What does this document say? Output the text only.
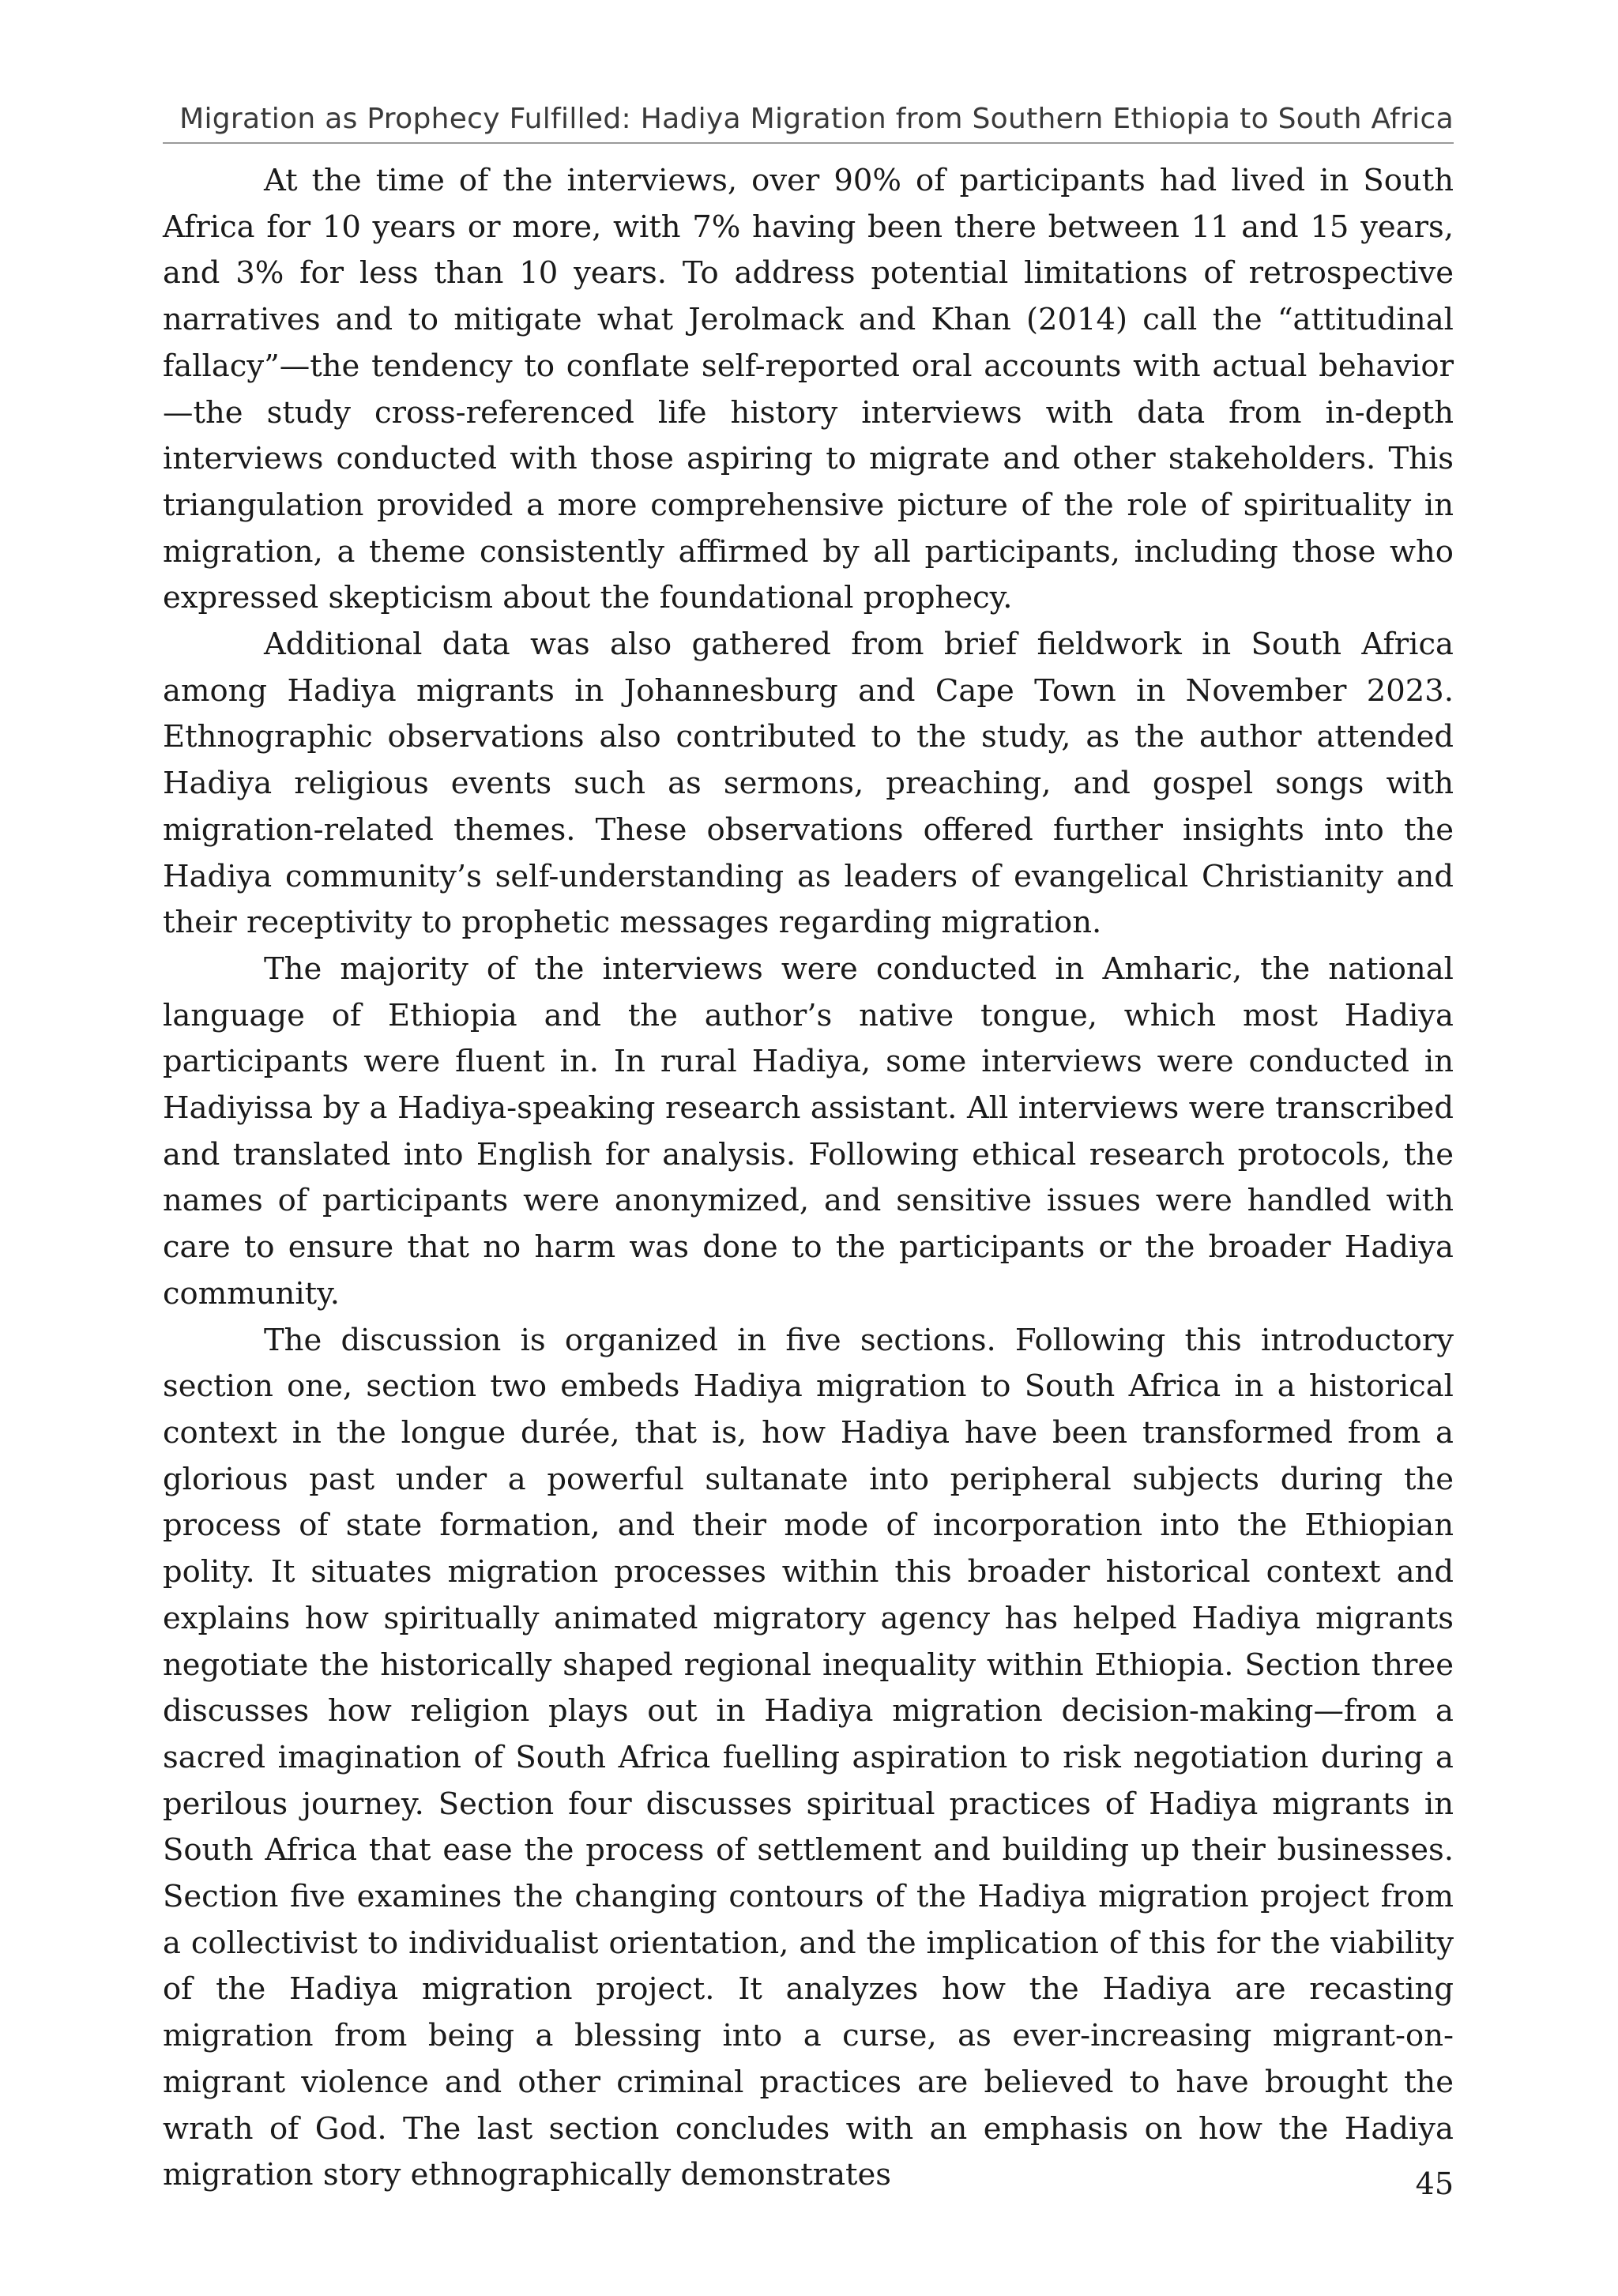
Migration as Prophecy Fulfilled: Hadiya Migration from Southern Ethiopia to South Africa

At the time of the interviews, over 90% of participants had lived in South Africa for 10 years or more, with 7% having been there between 11 and 15 years, and 3% for less than 10 years. To address potential limitations of retrospective narratives and to mitigate what Jerolmack and Khan (2014) call the “attitudinal fallacy”—the tendency to conflate self-reported oral accounts with actual behavior—the study cross-referenced life history interviews with data from in-depth interviews conducted with those aspiring to migrate and other stakeholders. This triangulation provided a more comprehensive picture of the role of spirituality in migration, a theme consistently affirmed by all participants, including those who expressed skepticism about the foundational prophecy.

Additional data was also gathered from brief fieldwork in South Africa among Hadiya migrants in Johannesburg and Cape Town in November 2023. Ethnographic observations also contributed to the study, as the author attended Hadiya religious events such as sermons, preaching, and gospel songs with migration-related themes. These observations offered further insights into the Hadiya community’s self-understanding as leaders of evangelical Christianity and their receptivity to prophetic messages regarding migration.

The majority of the interviews were conducted in Amharic, the national language of Ethiopia and the author’s native tongue, which most Hadiya participants were fluent in. In rural Hadiya, some interviews were conducted in Hadiyissa by a Hadiya-speaking research assistant. All interviews were transcribed and translated into English for analysis. Following ethical research protocols, the names of participants were anonymized, and sensitive issues were handled with care to ensure that no harm was done to the participants or the broader Hadiya community.

The discussion is organized in five sections. Following this introductory section one, section two embeds Hadiya migration to South Africa in a historical context in the longue durée, that is, how Hadiya have been transformed from a glorious past under a powerful sultanate into peripheral subjects during the process of state formation, and their mode of incorporation into the Ethiopian polity. It situates migration processes within this broader historical context and explains how spiritually animated migratory agency has helped Hadiya migrants negotiate the historically shaped regional inequality within Ethiopia. Section three discusses how religion plays out in Hadiya migration decision-making—from a sacred imagination of South Africa fuelling aspiration to risk negotiation during a perilous journey. Section four discusses spiritual practices of Hadiya migrants in South Africa that ease the process of settlement and building up their businesses. Section five examines the changing contours of the Hadiya migration project from a collectivist to individualist orientation, and the implication of this for the viability of the Hadiya migration project. It analyzes how the Hadiya are recasting migration from being a blessing into a curse, as ever-increasing migrant-on-migrant violence and other criminal practices are believed to have brought the wrath of God. The last section concludes with an emphasis on how the Hadiya migration story ethnographically demonstrates	45
